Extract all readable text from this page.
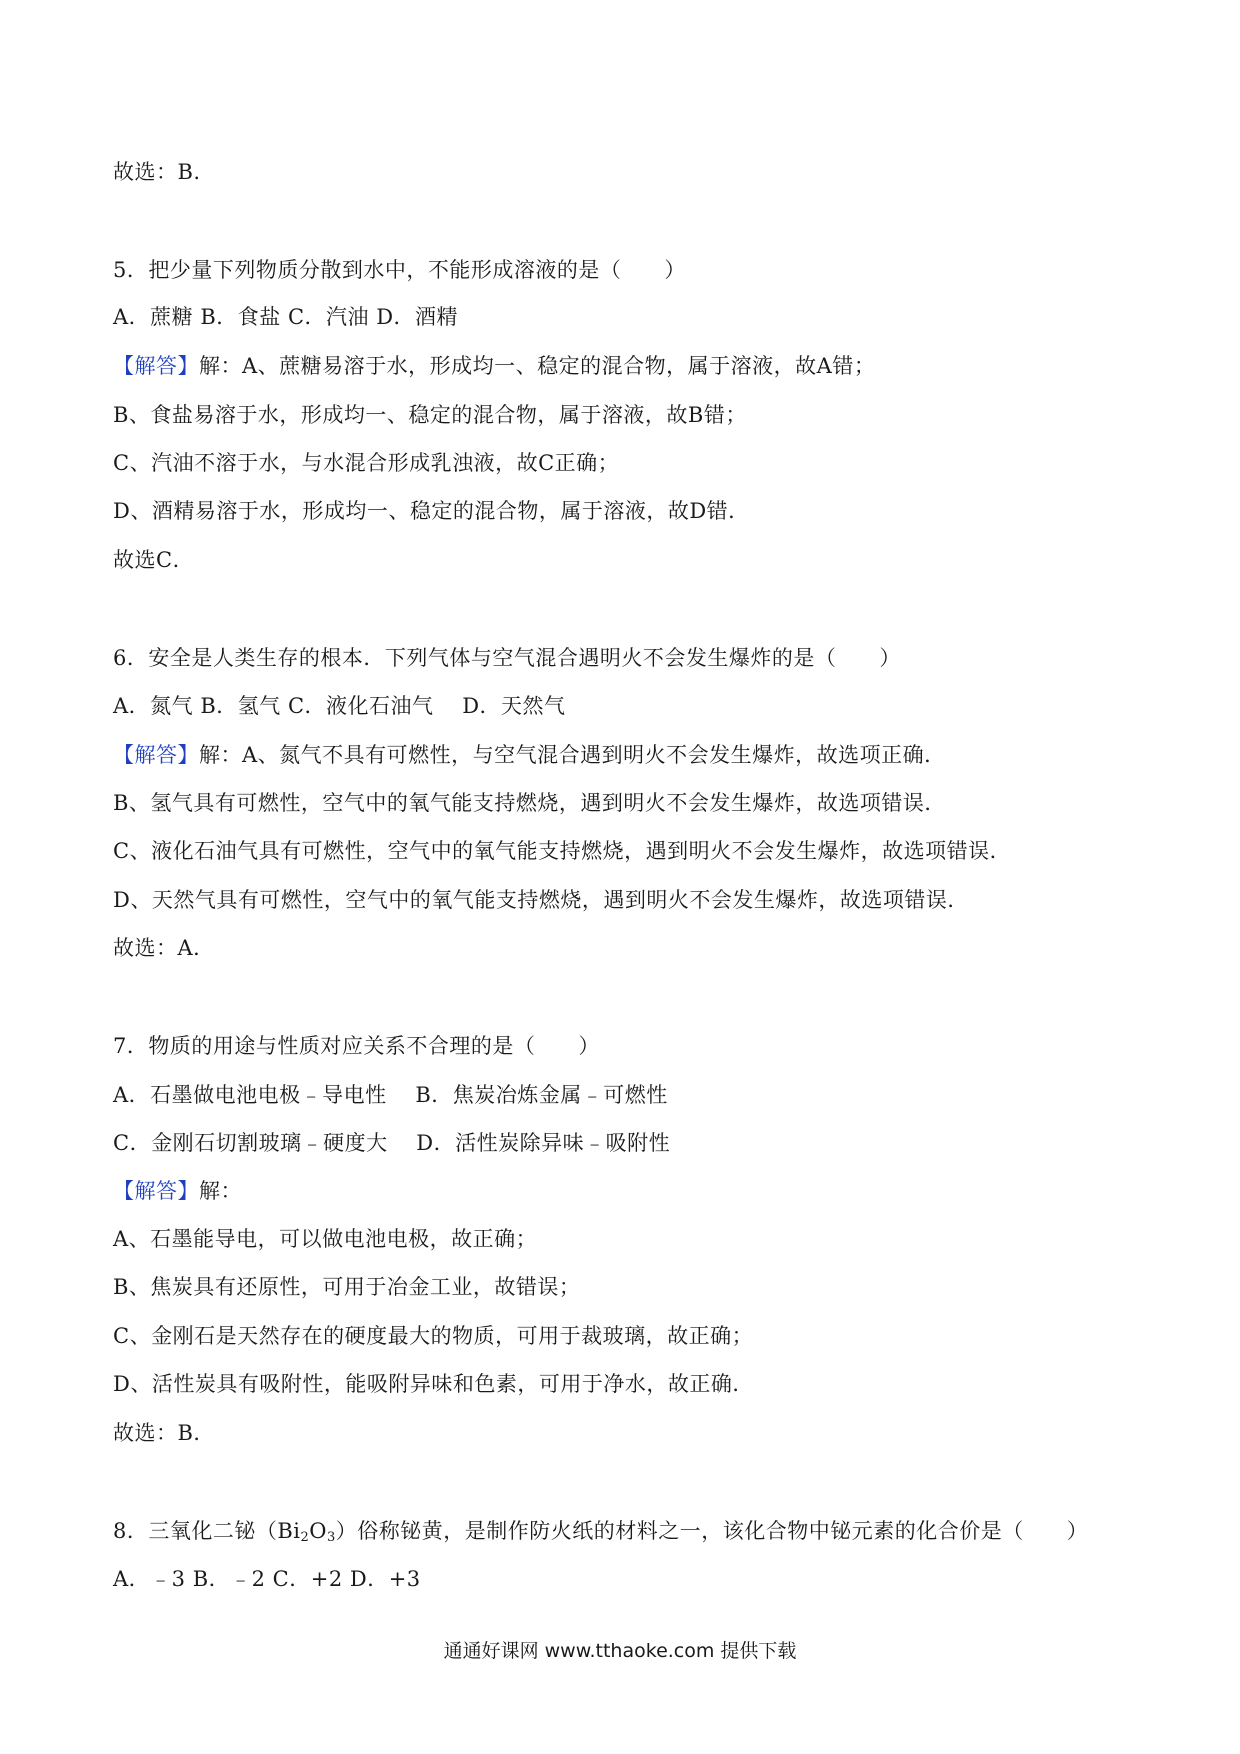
故选：B.
5．把少量下列物质分散到水中，不能形成溶液的是（　　）
A．蔗糖 B．食盐 C．汽油 D．酒精
【解答】解：A、蔗糖易溶于水，形成均一、稳定的混合物，属于溶液，故A错；
B、食盐易溶于水，形成均一、稳定的混合物，属于溶液，故B错；
C、汽油不溶于水，与水混合形成乳浊液，故C正确；
D、酒精易溶于水，形成均一、稳定的混合物，属于溶液，故D错．
故选C．
6．安全是人类生存的根本．下列气体与空气混合遇明火不会发生爆炸的是（　　）
A．氮气 B．氢气 C．液化石油气　 D．天然气
【解答】解：A、氮气不具有可燃性，与空气混合遇到明火不会发生爆炸，故选项正确．
B、氢气具有可燃性，空气中的氧气能支持燃烧，遇到明火不会发生爆炸，故选项错误．
C、液化石油气具有可燃性，空气中的氧气能支持燃烧，遇到明火不会发生爆炸，故选项错误．
D、天然气具有可燃性，空气中的氧气能支持燃烧，遇到明火不会发生爆炸，故选项错误．
故选：A．
7．物质的用途与性质对应关系不合理的是（　　）
A．石墨做电池电极﹣导电性　 B．焦炭冶炼金属﹣可燃性
C．金刚石切割玻璃﹣硬度大　 D．活性炭除异味﹣吸附性
【解答】解：
A、石墨能导电，可以做电池电极，故正确；
B、焦炭具有还原性，可用于冶金工业，故错误；
C、金刚石是天然存在的硬度最大的物质，可用于裁玻璃，故正确；
D、活性炭具有吸附性，能吸附异味和色素，可用于净水，故正确．
故选：B．
8．三氧化二铋$(Bi_2O_3)$俗称铋黄，是制作防火纸的材料之一，该化合物中铋元素的化合价是（　　）
A．﹣3 B．﹣2 C．+2 D．+3
通通好课网 www.tthaoke.com 提供下载
